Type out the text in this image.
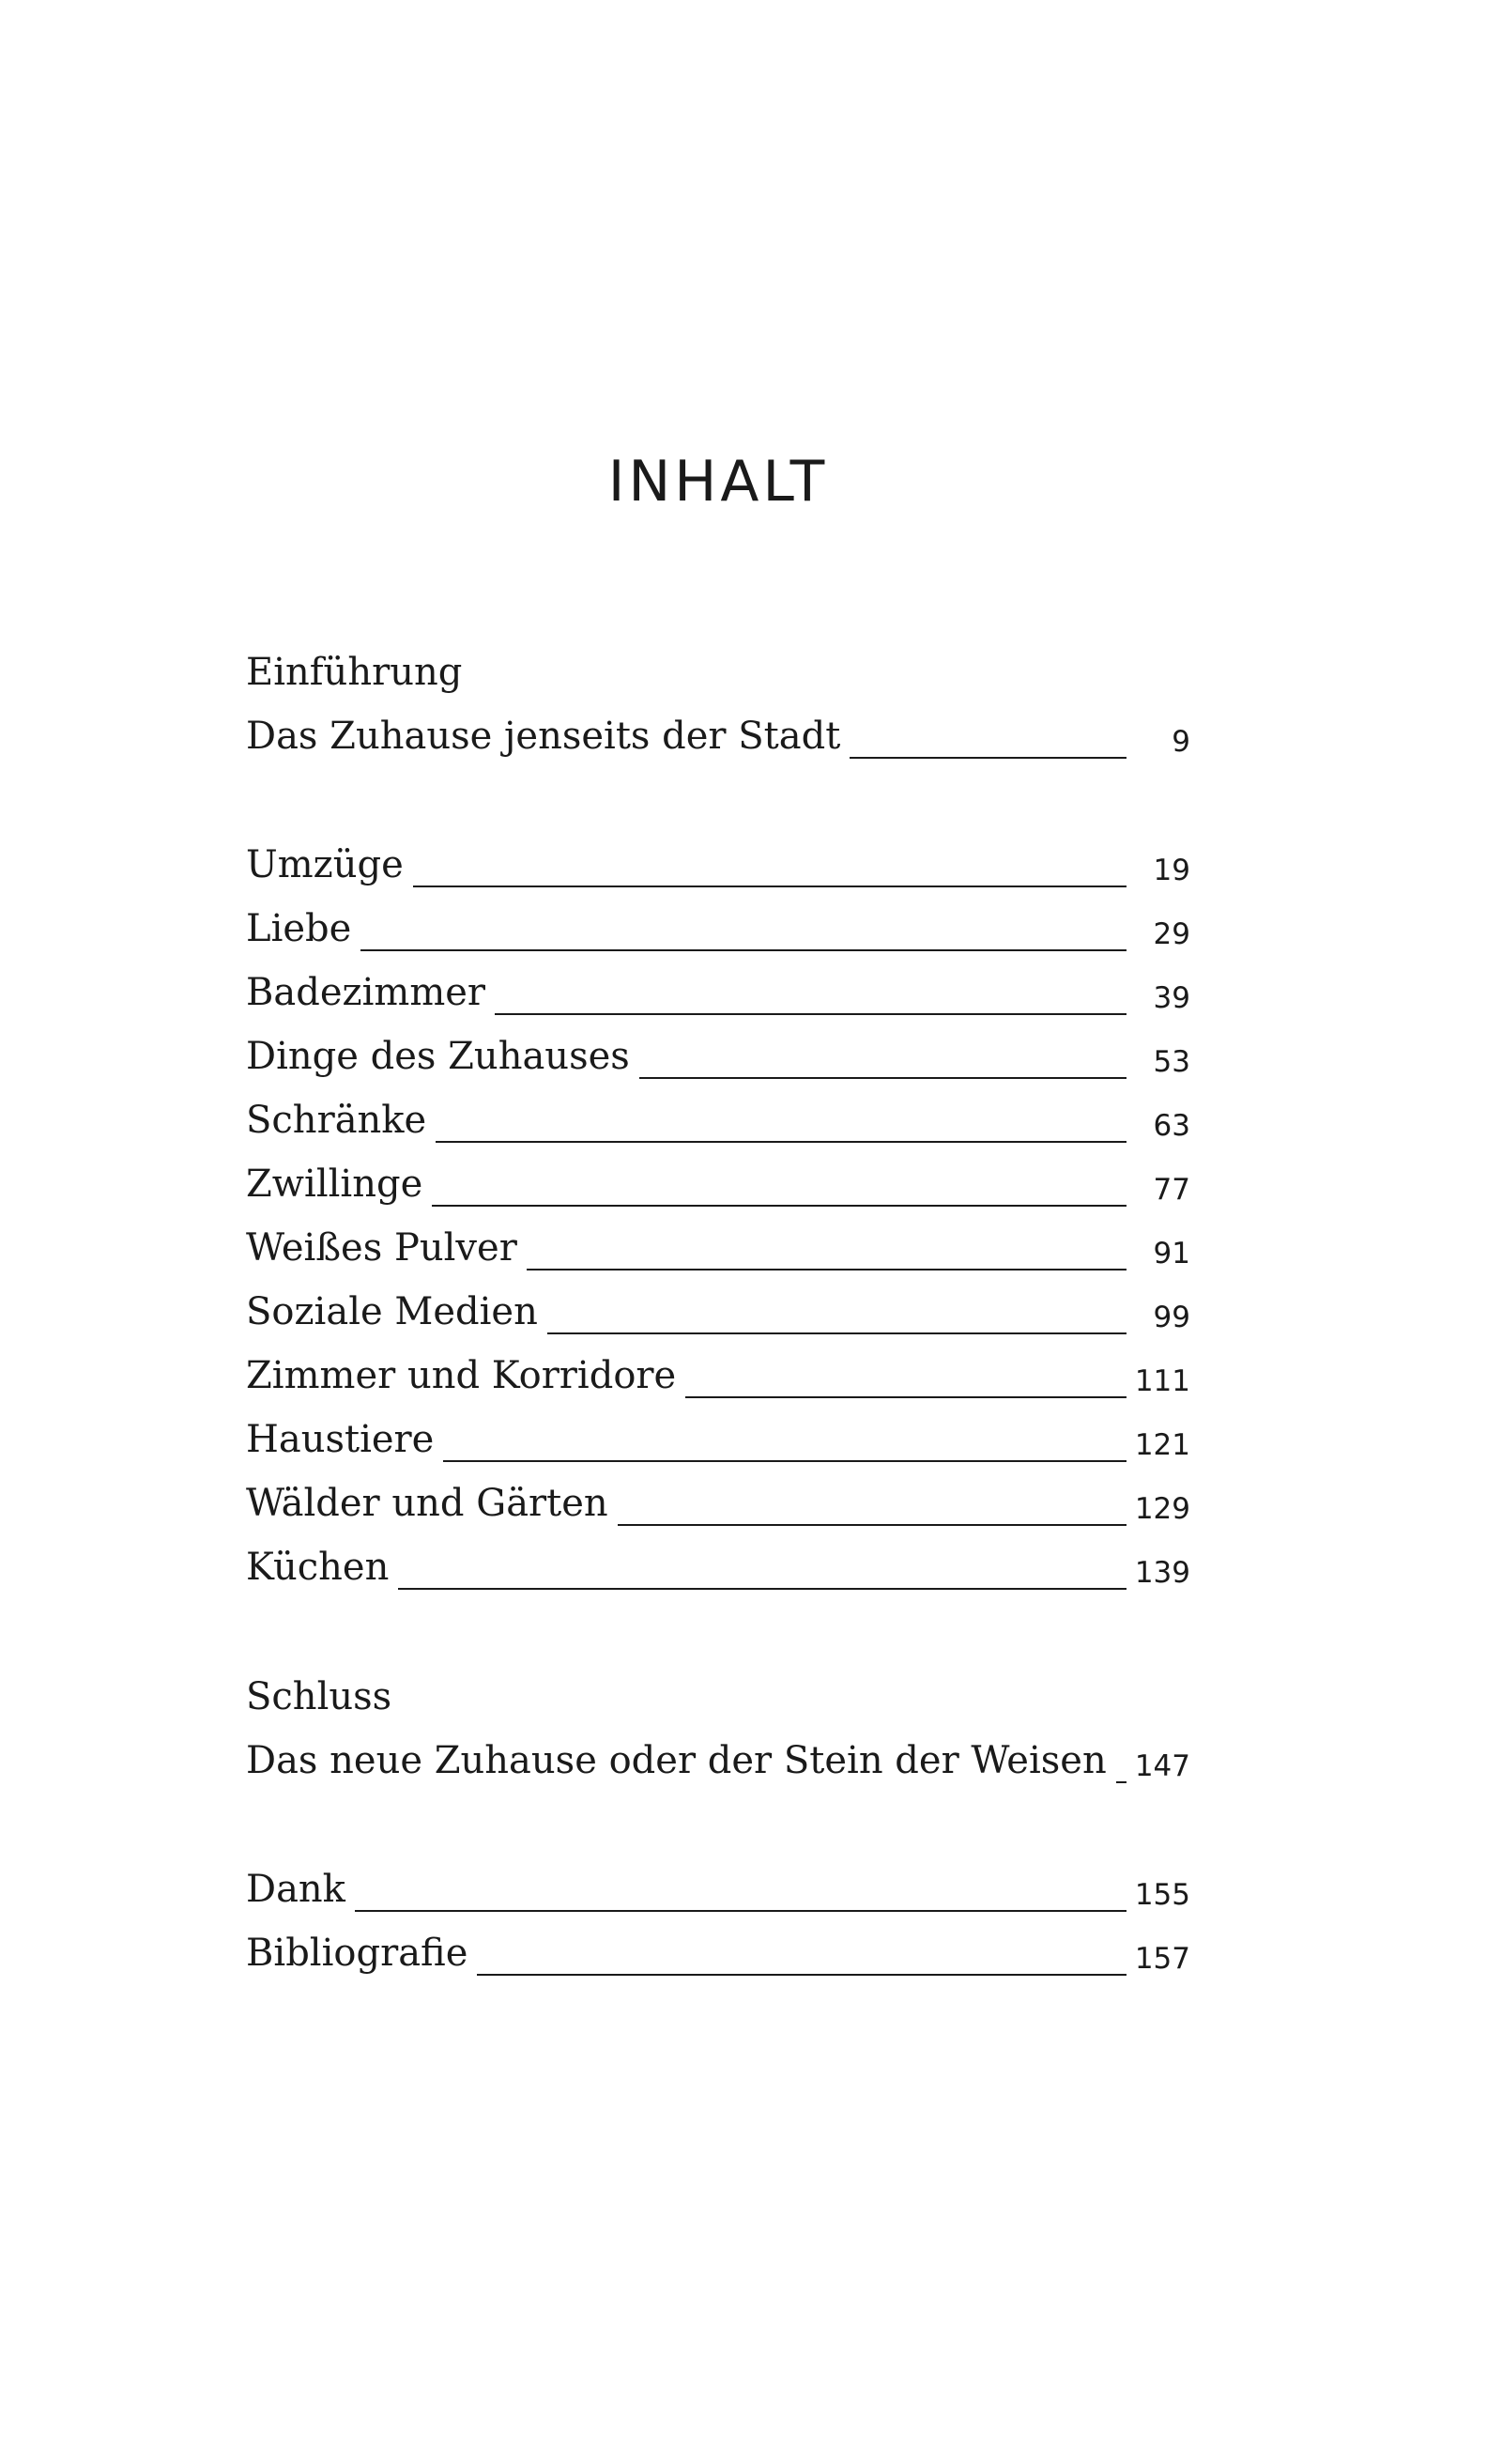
INHALT
Einführung
Das Zuhause jenseits der Stadt	9
Umzüge	19
Liebe	29
Badezimmer	39
Dinge des Zuhauses	53
Schränke	63
Zwillinge	77
Weißes Pulver	91
Soziale Medien	99
Zimmer und Korridore	111
Haustiere	121
Wälder und Gärten	129
Küchen	139
Schluss
Das neue Zuhause oder der Stein der Weisen 147
Dank	155
Bibliografie	157
